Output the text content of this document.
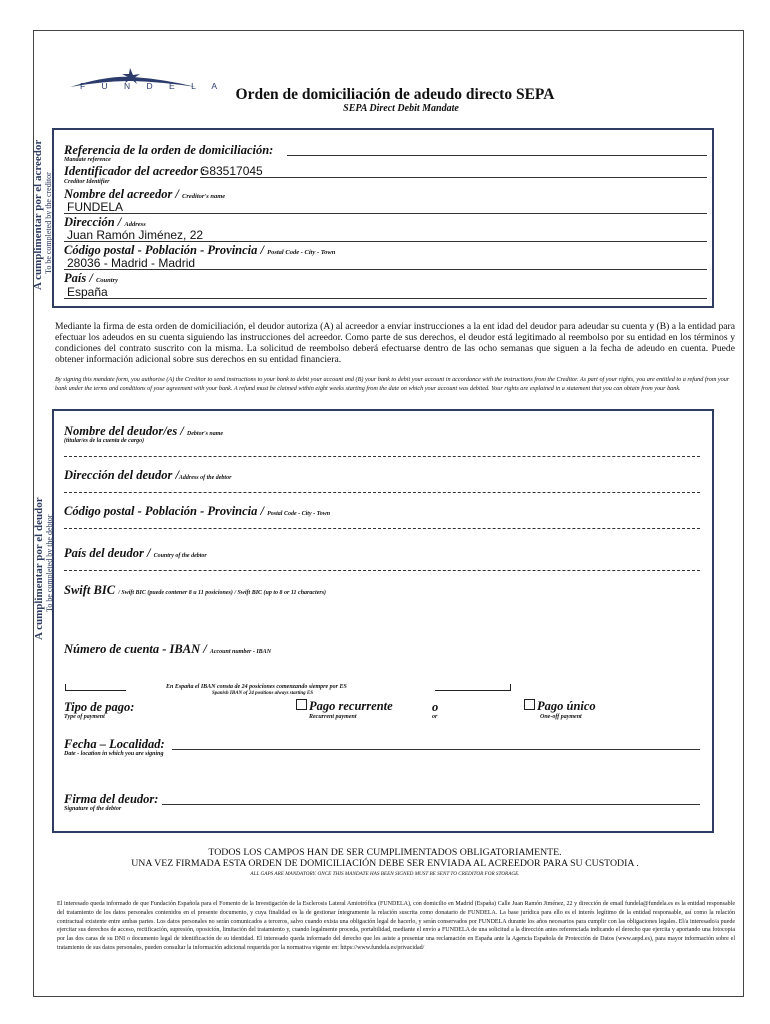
F U N D E L A Orden de domiciliación de adeudo directo SEPA
SEPA Direct Debit Mandate
A cumplimentar por el acreedor To be completed by the creditor
Referencia de la orden de domiciliación:
Mandate reference
Identificador del acreedor :
G83517045
Creditor Identifier
Nombre del acreedor / Creditor's name
FUNDELA
Dirección / Address
Juan Ramón Jiménez, 22
Código postal - Población - Provincia / Postal Code - City - Town
28036 - Madrid - Madrid
País / Country
España
Mediante la firma de esta orden de domiciliación, el deudor autoriza (A) al acreedor a enviar instrucciones a la ent idad del deudor para adeudar su cuenta y (B) a la entidad para efectuar los adeudos en su cuenta siguiendo las instrucciones del acreedor. Como parte de sus derechos, el deudor está legitimado al reembolso por su entidad en los términos y condiciones del contrato suscrito con la misma. La solicitud de reembolso deberá efectuarse dentro de las ocho semanas que siguen a la fecha de adeudo en cuenta. Puede obtener información adicional sobre sus derechos en su entidad financiera.
By signing this mandate form, you authorise (A) the Creditor to send instructions to your bank to debit your account and (B) your bank to debit your account in accordance with the instructions from the Creditor. As part of your rights, you are entitled to a refund from your bank under the terms and conditions of your agreement with your bank. A refund must be claimed within eight weeks starting from the date on which your account was debited. Your rights are explained in a statement that you can obtain from your bank.
A cumplimentar por el deudor To be completed by the debtor
Nombre del deudor/es / Debtor's name
(titular/es de la cuenta de cargo)
Dirección del deudor /Address of the debtor
Código postal - Población - Provincia / Postal Code - City - Town
País del deudor / Country of the debtor
Swift BIC / Swift BIC (puede contener 8 u 11 posiciones) / Swift BIC (up to 8 or 11 characters)
Número de cuenta - IBAN / Account number - IBAN
En España el IBAN consta de 24 posiciones comenzando siempre por ES
Spanish IBAN of 24 positions always starting ES
Tipo de pago:
Type of payment
Pago recurrente
Recurrent payment
o
or
Pago único
One-off payment
Fecha – Localidad:
Date - location in which you are signing
Firma del deudor:
Signature of the debtor
TODOS LOS CAMPOS HAN DE SER CUMPLIMENTADOS OBLIGATORIAMENTE.
UNA VEZ FIRMADA ESTA ORDEN DE DOMICILIACIÓN DEBE SER ENVIADA AL ACREEDOR PARA SU CUSTODIA .
ALL GAPS ARE MANDATORY. ONCE THIS MANDATE HAS BEEN SIGNED MUST BE SENT TO CREDITOR FOR STORAGE.
El interesado queda informado de que Fundación Española para el Fomento de la Investigación de la Esclerosis Lateral Amiotrófica (FUNDELA), con domicilio en Madrid (España) Calle Juan Ramón Jiménez, 22 y dirección de email fundela@fundela.es es la entidad responsable del tratamiento de los datos personales contenidos en el presente documento, y cuya finalidad es la de gestionar íntegramente la relación suscrita como donatario de FUNDELA. La base jurídica para ello es el interés legítimo de la entidad responsable, así como la relación contractual existente entre ambas partes. Los datos personales no serán comunicados a terceros, salvo cuando exista una obligación legal de hacerlo, y serán conservados por FUNDELA durante los años necesarios para cumplir con las obligaciones legales. El/a interesado/a puede ejercitar sus derechos de acceso, rectificación, supresión, oposición, limitación del tratamiento y, cuando legalmente proceda, portabilidad, mediante el envío a FUNDELA de una solicitud a la dirección antes referenciada indicando el derecho que ejercita y aportando una fotocopia por las dos caras de su DNI o documento legal de identificación de su identidad. El interesado queda informado del derecho que les asiste a presentar una reclamación en España ante la Agencia Española de Protección de Datos (www.aepd.es), para mayor información sobre el tratamiento de sus datos personales, pueden consultar la información adicional requerida por la normativa vigente en: https://www.fundela.es/privacidad/
